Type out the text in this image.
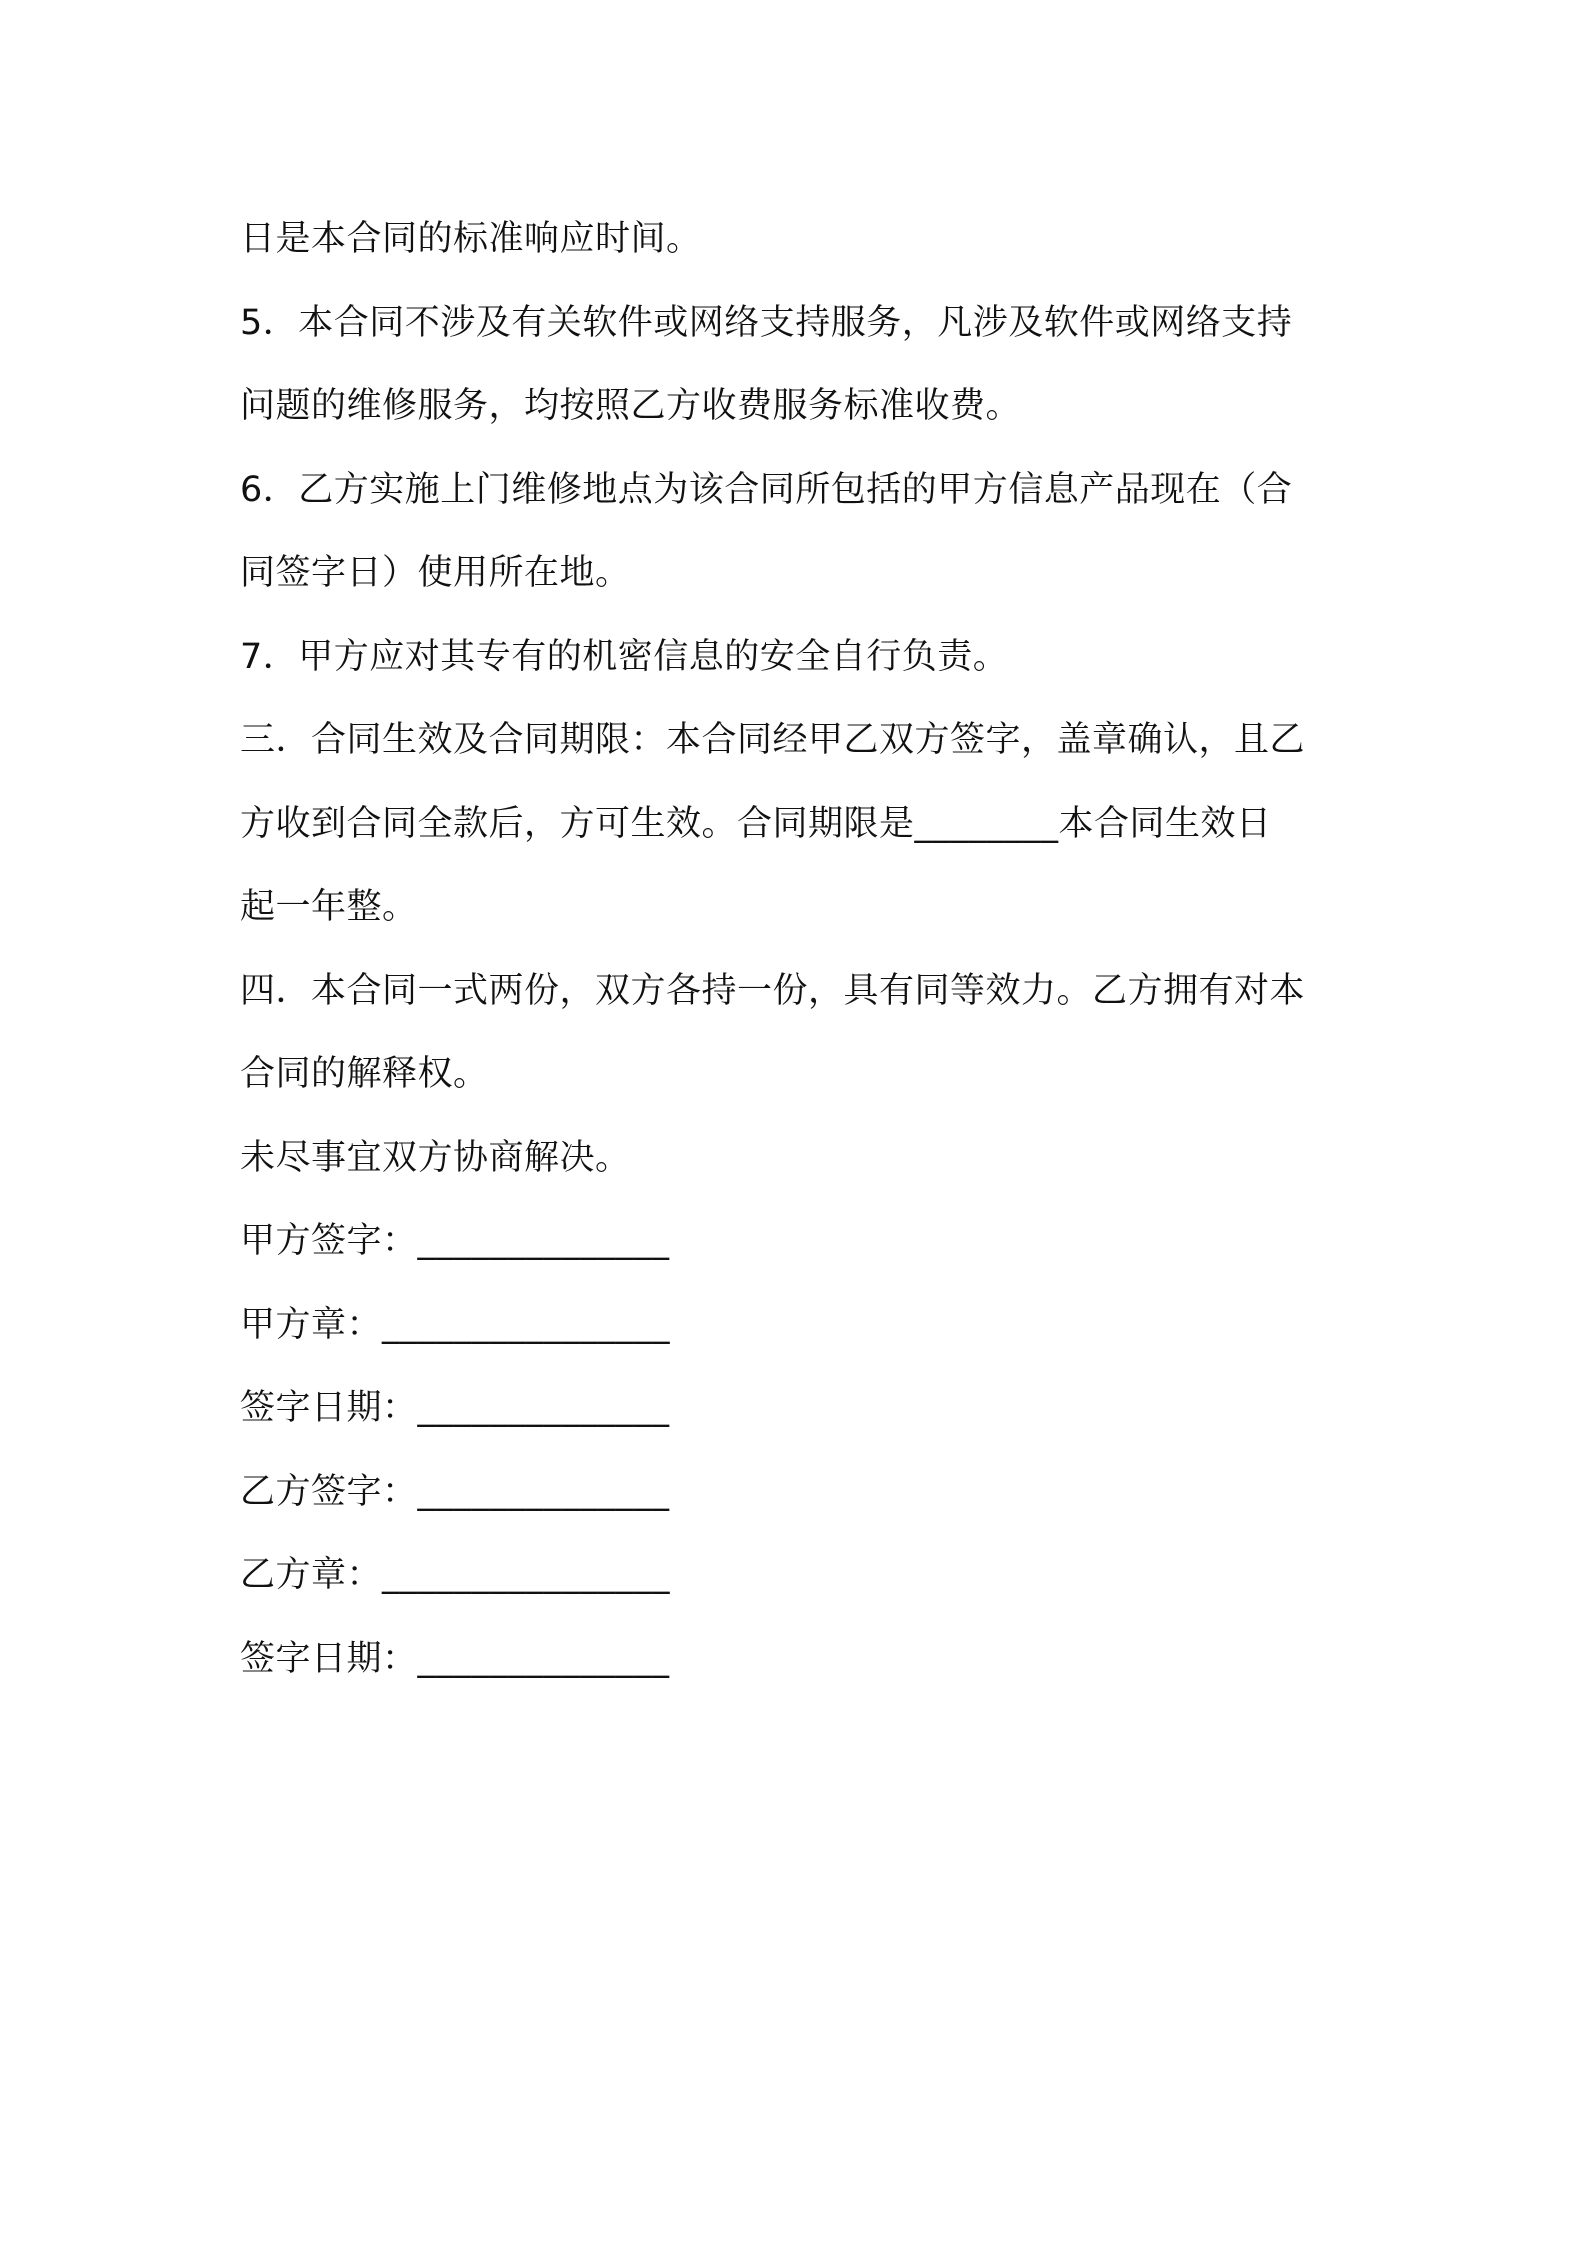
日是本合同的标准响应时间。
5．本合同不涉及有关软件或网络支持服务，凡涉及软件或网络支持
问题的维修服务，均按照乙方收费服务标准收费。
6．乙方实施上门维修地点为该合同所包括的甲方信息产品现在（合
同签字日）使用所在地。
7．甲方应对其专有的机密信息的安全自行负责。
三．合同生效及合同期限：本合同经甲乙双方签字，盖章确认，且乙
方收到合同全款后，方可生效。合同期限是________本合同生效日
起一年整。
四．本合同一式两份，双方各持一份，具有同等效力。乙方拥有对本
合同的解释权。
未尽事宜双方协商解决。
甲方签字：______________
甲方章：________________
签字日期：______________
乙方签字：______________
乙方章：________________
签字日期：______________
